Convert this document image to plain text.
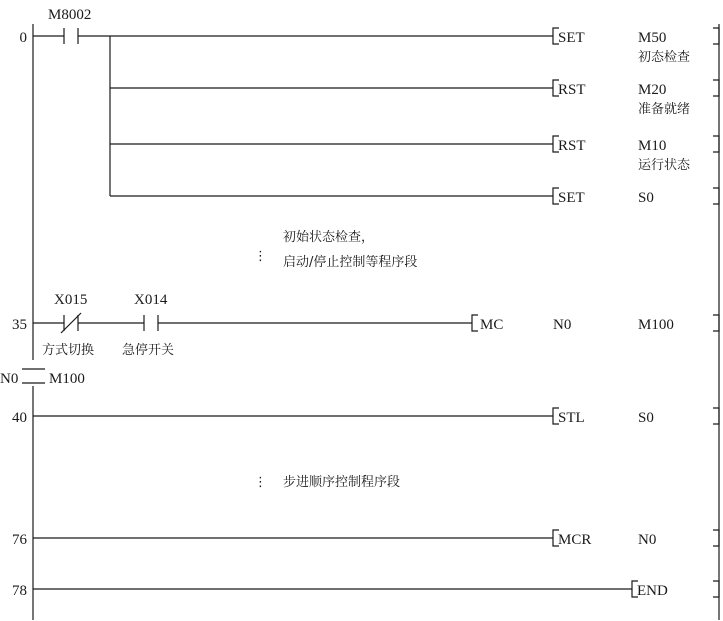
0
M8002
SET	M50
初态检查
RST	M20
准备就绪
RST	M10
运行状态
SET	S0
⋮
初始状态检查，
启动/停止控制等程序段
35
X015
方式切换
X014
急停开关
MC	N0	M100
N0 M100
40	STL	S0
⋮ 步进顺序控制程序段
76	MCR	N0
78	END
